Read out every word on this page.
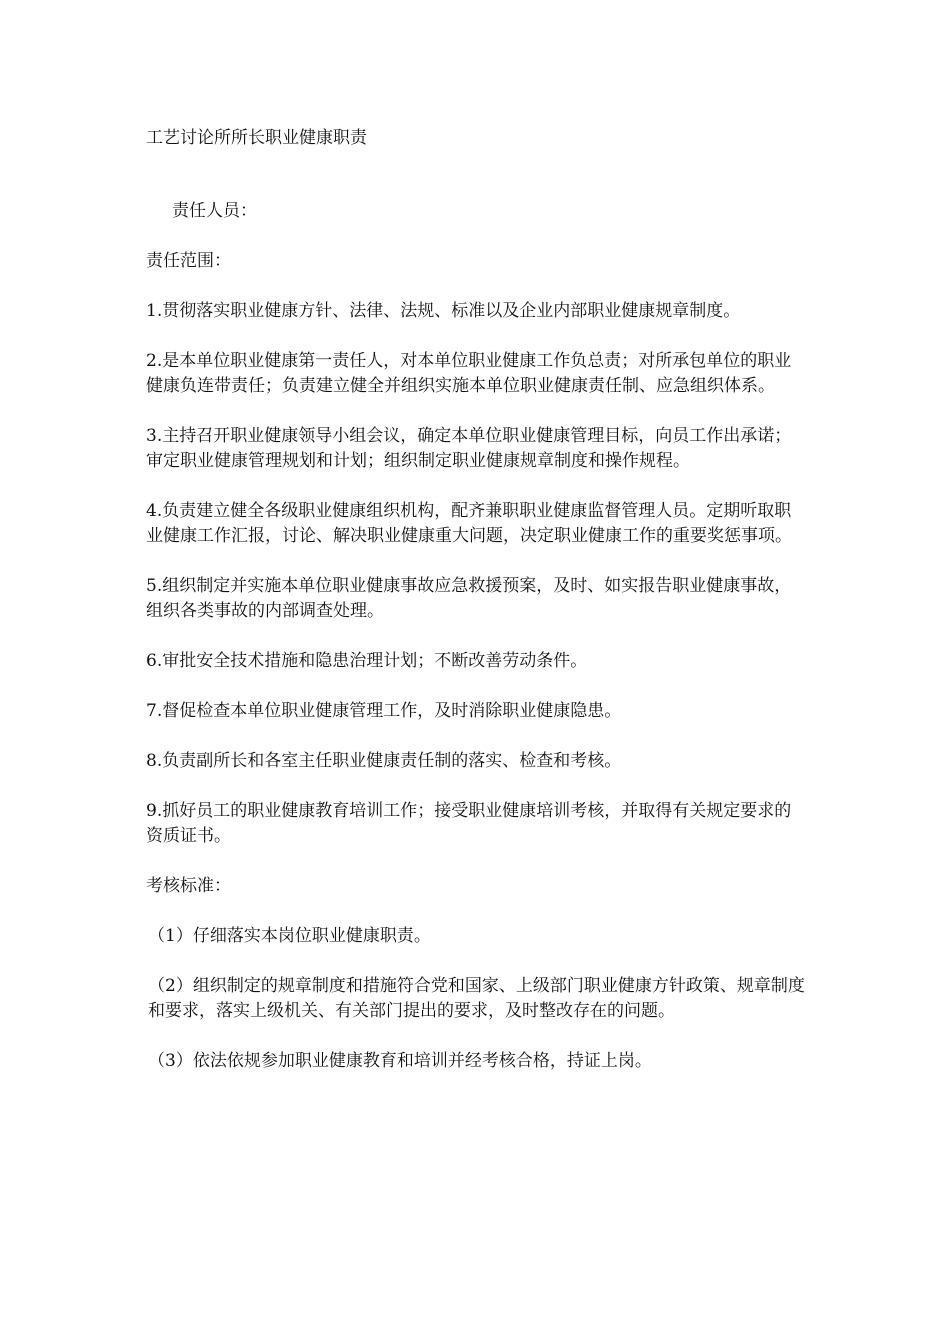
工艺讨论所所长职业健康职责

责任人员：

责任范围：

1.贯彻落实职业健康方针、法律、法规、标准以及企业内部职业健康规章制度。

2.是本单位职业健康第一责任人，对本单位职业健康工作负总责；对所承包单位的职业健康负连带责任；负责建立健全并组织实施本单位职业健康责任制、应急组织体系。

3.主持召开职业健康领导小组会议，确定本单位职业健康管理目标，向员工作出承诺；审定职业健康管理规划和计划；组织制定职业健康规章制度和操作规程。

4.负责建立健全各级职业健康组织机构，配齐兼职职业健康监督管理人员。定期听取职业健康工作汇报，讨论、解决职业健康重大问题，决定职业健康工作的重要奖惩事项。

5.组织制定并实施本单位职业健康事故应急救援预案，及时、如实报告职业健康事故，组织各类事故的内部调查处理。

6.审批安全技术措施和隐患治理计划；不断改善劳动条件。

7.督促检查本单位职业健康管理工作，及时消除职业健康隐患。

8.负责副所长和各室主任职业健康责任制的落实、检查和考核。

9.抓好员工的职业健康教育培训工作；接受职业健康培训考核，并取得有关规定要求的资质证书。

考核标准：

（1）仔细落实本岗位职业健康职责。

（2）组织制定的规章制度和措施符合党和国家、上级部门职业健康方针政策、规章制度和要求，落实上级机关、有关部门提出的要求，及时整改存在的问题。

（3）依法依规参加职业健康教育和培训并经考核合格，持证上岗。
